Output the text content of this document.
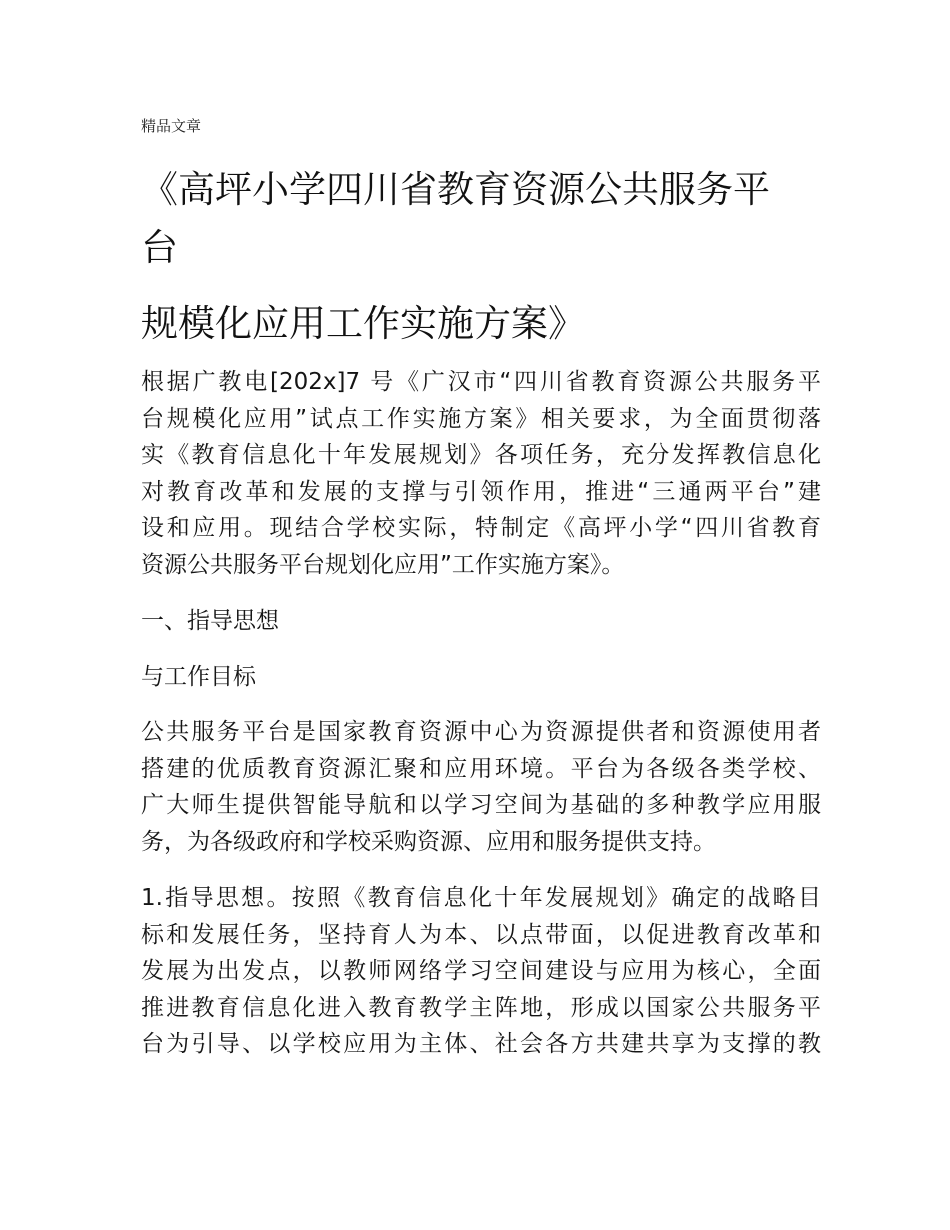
精品文章
《高坪小学四川省教育资源公共服务平
台
规模化应用工作实施方案》

根据广教电[202x]7 号《广汉市“四川省教育资源公共服务平
台规模化应用”试点工作实施方案》相关要求，为全面贯彻落
实《教育信息化十年发展规划》各项任务，充分发挥教信息化
对教育改革和发展的支撑与引领作用，推进“三通两平台”建
设和应用。现结合学校实际，特制定《高坪小学“四川省教育
资源公共服务平台规划化应用”工作实施方案》。

一、指导思想

与工作目标

公共服务平台是国家教育资源中心为资源提供者和资源使用者
搭建的优质教育资源汇聚和应用环境。平台为各级各类学校、
广大师生提供智能导航和以学习空间为基础的多种教学应用服
务，为各级政府和学校采购资源、应用和服务提供支持。

1.指导思想。按照《教育信息化十年发展规划》确定的战略目
标和发展任务，坚持育人为本、以点带面，以促进教育改革和
发展为出发点，以教师网络学习空间建设与应用为核心，全面
推进教育信息化进入教育教学主阵地，形成以国家公共服务平
台为引导、以学校应用为主体、社会各方共建共享为支撑的教
